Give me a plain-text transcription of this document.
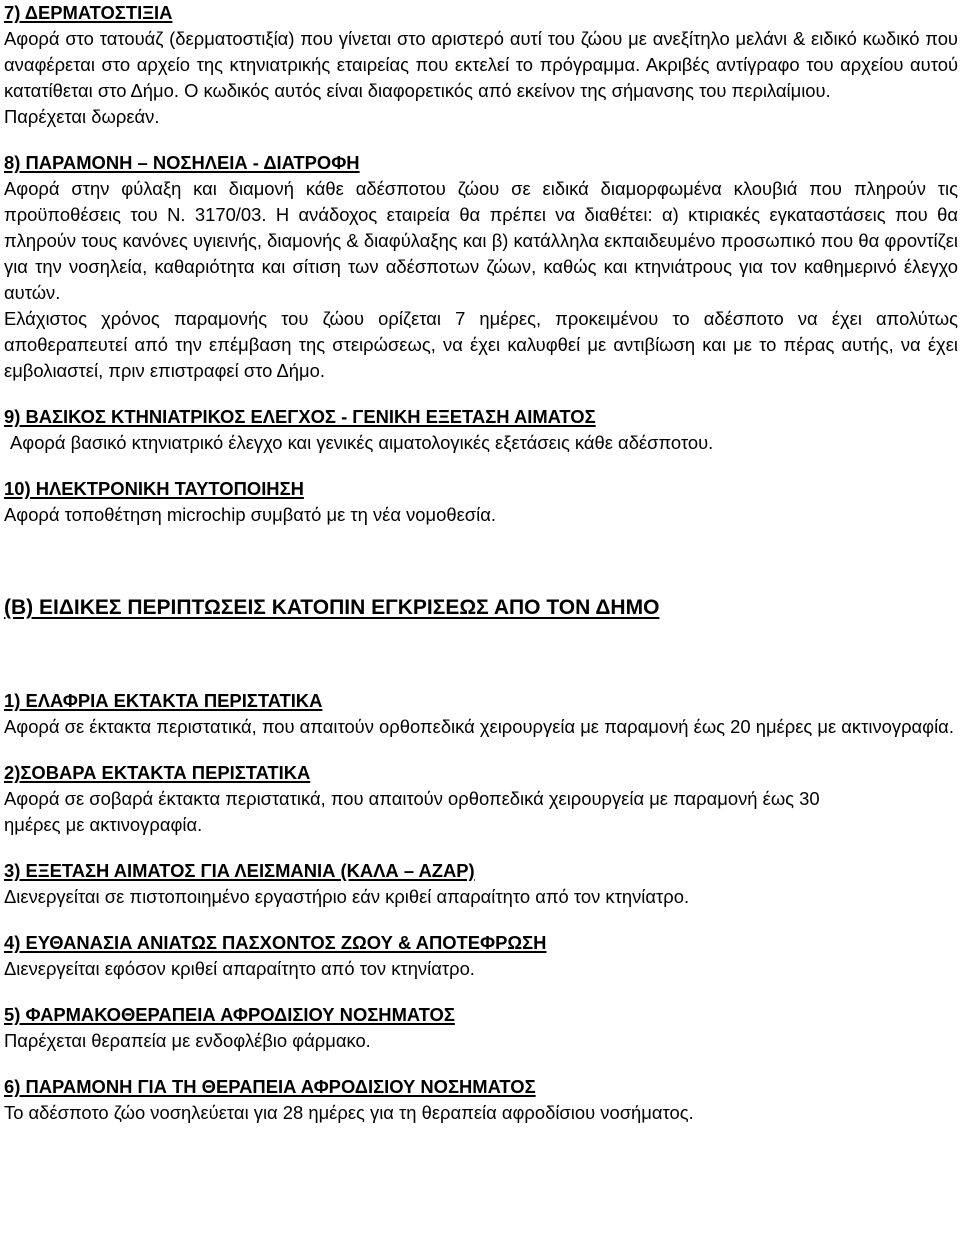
7) ΔΕΡΜΑΤΟΣΤΙΞΙΑ

Αφορά στο τατουάζ (δερματοστιξία) που γίνεται στο αριστερό αυτί του ζώου με ανεξίτηλο μελάνι & ειδικό κωδικό που αναφέρεται στο αρχείο της κτηνιατρικής εταιρείας που εκτελεί το πρόγραμμα. Ακριβές αντίγραφο του αρχείου αυτού κατατίθεται στο Δήμο. Ο κωδικός αυτός είναι διαφορετικός από εκείνον της σήμανσης του περιλαίμιου.

Παρέχεται δωρεάν.

8) ΠΑΡΑΜΟΝΗ – ΝΟΣΗΛΕΙΑ - ΔΙΑΤΡΟΦΗ

Αφορά στην φύλαξη και διαμονή κάθε αδέσποτου ζώου σε ειδικά διαμορφωμένα κλουβιά που πληρούν τις προϋποθέσεις του Ν. 3170/03. Η ανάδοχος εταιρεία θα πρέπει να διαθέτει: α) κτιριακές εγκαταστάσεις που θα πληρούν τους κανόνες υγιεινής, διαμονής & διαφύλαξης και β) κατάλληλα εκπαιδευμένο προσωπικό που θα φροντίζει για την νοσηλεία, καθαριότητα και σίτιση των αδέσποτων ζώων, καθώς και κτηνιάτρους για τον καθημερινό έλεγχο αυτών.

Ελάχιστος χρόνος παραμονής του ζώου ορίζεται 7 ημέρες, προκειμένου το αδέσποτο να έχει απολύτως αποθεραπευτεί από την επέμβαση της στειρώσεως, να έχει καλυφθεί με αντιβίωση και με το πέρας αυτής, να έχει εμβολιαστεί, πριν επιστραφεί στο Δήμο.

9) ΒΑΣΙΚΟΣ ΚΤΗΝΙΑΤΡΙΚΟΣ ΕΛΕΓΧΟΣ - ΓΕΝΙΚΗ ΕΞΕΤΑΣΗ ΑΙΜΑΤΟΣ

Αφορά βασικό κτηνιατρικό έλεγχο και γενικές αιματολογικές εξετάσεις κάθε αδέσποτου.

10) ΗΛΕΚΤΡΟΝΙΚΗ ΤΑΥΤΟΠΟΙΗΣΗ

Αφορά τοποθέτηση microchip συμβατό με τη νέα νομοθεσία.

(Β) ΕΙΔΙΚΕΣ ΠΕΡΙΠΤΩΣΕΙΣ ΚΑΤΟΠΙΝ ΕΓΚΡΙΣΕΩΣ ΑΠΟ ΤΟΝ ΔΗΜΟ

1) ΕΛΑΦΡΙΑ ΕΚΤΑΚΤΑ ΠΕΡΙΣΤΑΤΙΚΑ

Αφορά σε έκτακτα περιστατικά, που απαιτούν ορθοπεδικά χειρουργεία με παραμονή έως 20 ημέρες με ακτινογραφία.

2)ΣΟΒΑΡΑ ΕΚΤΑΚΤΑ ΠΕΡΙΣΤΑΤΙΚΑ

Αφορά σε σοβαρά έκτακτα περιστατικά, που απαιτούν ορθοπεδικά χειρουργεία με παραμονή έως 30 ημέρες με ακτινογραφία.

3) ΕΞΕΤΑΣΗ ΑΙΜΑΤΟΣ ΓΙΑ ΛΕΙΣΜΑΝΙΑ (ΚΑΛΑ – ΑΖΑΡ)

Διενεργείται σε πιστοποιημένο εργαστήριο εάν κριθεί απαραίτητο από τον κτηνίατρο.

4) ΕΥΘΑΝΑΣΙΑ ΑΝΙΑΤΩΣ ΠΑΣΧΟΝΤΟΣ ΖΩΟΥ & ΑΠΟΤΕΦΡΩΣΗ

Διενεργείται εφόσον κριθεί απαραίτητο από τον κτηνίατρο.

5) ΦΑΡΜΑΚΟΘΕΡΑΠΕΙΑ ΑΦΡΟΔΙΣΙΟΥ ΝΟΣΗΜΑΤΟΣ

Παρέχεται θεραπεία με ενδοφλέβιο φάρμακο.

6) ΠΑΡΑΜΟΝΗ ΓΙΑ ΤΗ ΘΕΡΑΠΕΙΑ ΑΦΡΟΔΙΣΙΟΥ ΝΟΣΗΜΑΤΟΣ

Το αδέσποτο ζώο νοσηλεύεται για 28 ημέρες για τη θεραπεία αφροδίσιου νοσήματος.
